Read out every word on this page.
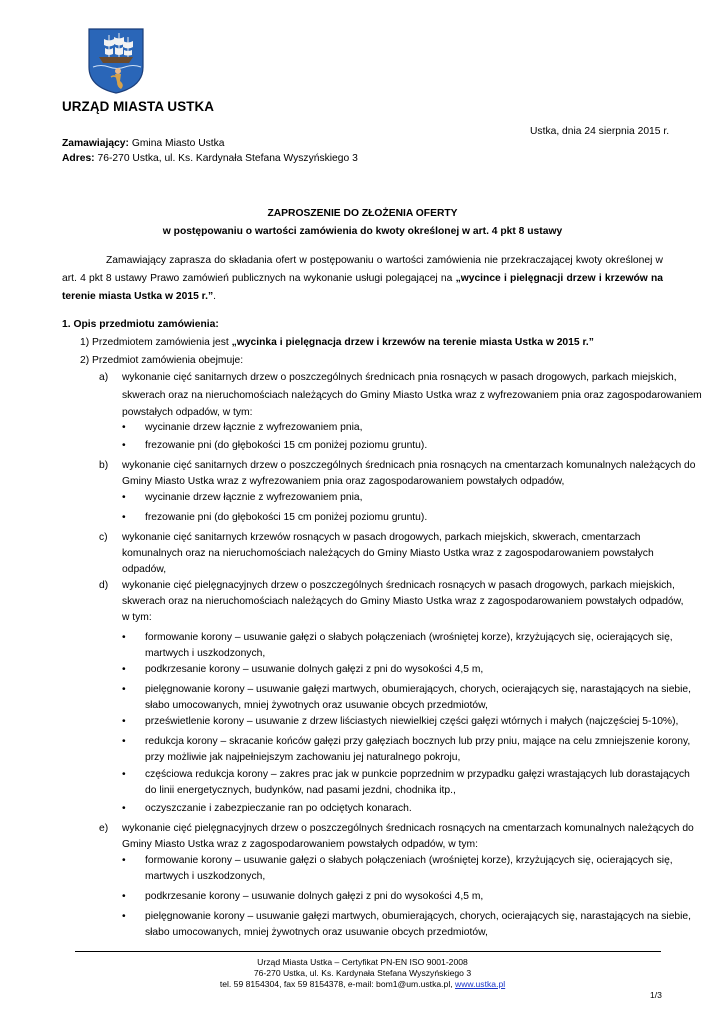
URZĄD MIASTA USTKA
Ustka, dnia 24 sierpnia 2015 r.
Zamawiający: Gmina Miasto Ustka
Adres: 76-270 Ustka, ul. Ks. Kardynała Stefana Wyszyńskiego 3
ZAPROSZENIE DO ZŁOŻENIA OFERTY
w postępowaniu o wartości zamówienia do kwoty określonej w art. 4 pkt 8 ustawy
Zamawiający zaprasza do składania ofert w postępowaniu o wartości zamówienia nie przekraczającej kwoty określonej w art. 4 pkt 8 ustawy Prawo zamówień publicznych na wykonanie usługi polegającej na „wycince i pielęgnacji drzew i krzewów na terenie miasta Ustka w 2015 r.”.
1. Opis przedmiotu zamówienia:
1) Przedmiotem zamówienia jest „wycinka i pielęgnacja drzew i krzewów na terenie miasta Ustka w 2015 r.”
2) Przedmiot zamówienia obejmuje:
a) wykonanie cięć sanitarnych drzew o poszczególnych średnicach pnia rosnących w pasach drogowych, parkach miejskich,
skwerach oraz na nieruchomościach należących do Gminy Miasto Ustka wraz z wyfrezowaniem pnia oraz zagospodarowaniem
powstałych odpadów, w tym:
• wycinanie drzew łącznie z wyfrezowaniem pnia,
• frezowanie pni (do głębokości 15 cm poniżej poziomu gruntu).
b) wykonanie cięć sanitarnych drzew o poszczególnych średnicach pnia rosnących na cmentarzach komunalnych należących do
Gminy Miasto Ustka wraz z wyfrezowaniem pnia oraz zagospodarowaniem powstałych odpadów,
• wycinanie drzew łącznie z wyfrezowaniem pnia,
• frezowanie pni (do głębokości 15 cm poniżej poziomu gruntu).
c) wykonanie cięć sanitarnych krzewów rosnących w pasach drogowych, parkach miejskich, skwerach, cmentarzach
komunalnych oraz na nieruchomościach należących do Gminy Miasto Ustka wraz z zagospodarowaniem powstałych
odpadów,
d) wykonanie cięć pielęgnacyjnych drzew o poszczególnych średnicach rosnących w pasach drogowych, parkach miejskich,
skwerach oraz na nieruchomościach należących do Gminy Miasto Ustka wraz z zagospodarowaniem powstałych odpadów,
w tym:
• formowanie korony – usuwanie gałęzi o słabych połączeniach (wrośniętej korze), krzyżujących się, ocierających się,
martwych i uszkodzonych,
• podkrzesanie korony – usuwanie dolnych gałęzi z pni do wysokości 4,5 m,
• pielęgnowanie korony – usuwanie gałęzi martwych, obumierających, chorych, ocierających się, narastających na siebie,
słabo umocowanych, mniej żywotnych oraz usuwanie obcych przedmiotów,
• prześwietlenie korony – usuwanie z drzew liściastych niewielkiej części gałęzi wtórnych i małych (najczęściej 5-10%),
• redukcja korony – skracanie końców gałęzi przy gałęziach bocznych lub przy pniu, mające na celu zmniejszenie korony,
przy możliwie jak najpełniejszym zachowaniu jej naturalnego pokroju,
• częściowa redukcja korony – zakres prac jak w punkcie poprzednim w przypadku gałęzi wrastających lub dorastających
do linii energetycznych, budynków, nad pasami jezdni, chodnika itp.,
• oczyszczanie i zabezpieczanie ran po odciętych konarach.
e) wykonanie cięć pielęgnacyjnych drzew o poszczególnych średnicach rosnących na cmentarzach komunalnych należących do
Gminy Miasto Ustka wraz z zagospodarowaniem powstałych odpadów, w tym:
• formowanie korony – usuwanie gałęzi o słabych połączeniach (wrośniętej korze), krzyżujących się, ocierających się,
martwych i uszkodzonych,
• podkrzesanie korony – usuwanie dolnych gałęzi z pni do wysokości 4,5 m,
• pielęgnowanie korony – usuwanie gałęzi martwych, obumierających, chorych, ocierających się, narastających na siebie,
słabo umocowanych, mniej żywotnych oraz usuwanie obcych przedmiotów,
Urząd Miasta Ustka – Certyfikat PN-EN ISO 9001-2008
76-270 Ustka, ul. Ks. Kardynała Stefana Wyszyńskiego 3
tel. 59 8154304, fax 59 8154378, e-mail: bom1@um.ustka.pl, www.ustka.pl
1/3
